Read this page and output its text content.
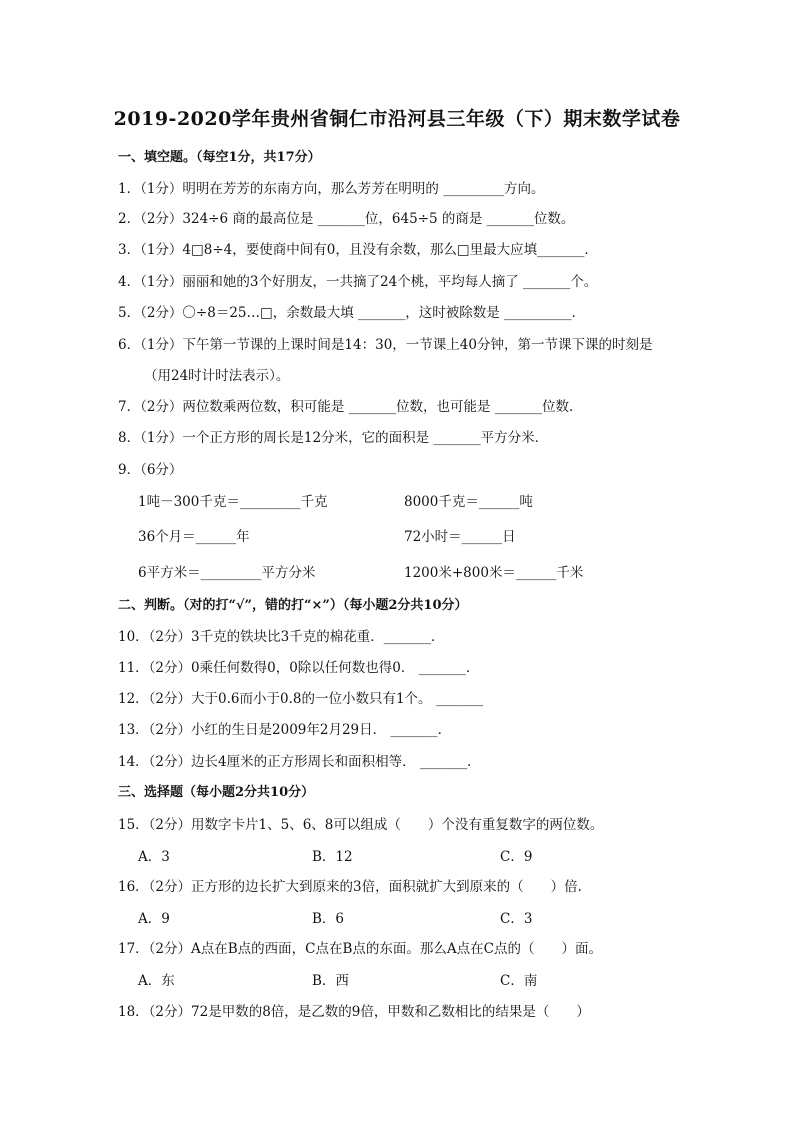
2019-2020学年贵州省铜仁市沿河县三年级（下）期末数学试卷
一、填空题。（每空1分，共17分）
1．（1分）明明在芳芳的东南方向，那么芳芳在明明的 _________方向。
2．（2分）324÷6 商的最高位是 _______位，645÷5 的商是 _______位数。
3．（1分）4□8÷4，要使商中间有0，且没有余数，那么□里最大应填_______．
4．（1分）丽丽和她的3个好朋友，一共摘了24个桃，平均每人摘了 _______个。
5．（2分）〇÷8＝25…□，余数最大填 _______，这时被除数是 __________．
6．（1分）下午第一节课的上课时间是14：30，一节课上40分钟，第一节课下课的时刻是
（用24时计时法表示）。
7．（2分）两位数乘两位数，积可能是 _______位数，也可能是 _______位数．
8．（1分）一个正方形的周长是12分米，它的面积是 _______平方分米．
9．（6分）
1吨－300千克＝_________千克	8000千克＝______吨
36个月＝______年	72小时＝______日
6平方米＝_________平方分米	1200米+800米＝______千米
二、判断。（对的打“√”，错的打“×”）（每小题2分共10分）
10．（2分）3千克的铁块比3千克的棉花重．_______．
11．（2分）0乘任何数得0，0除以任何数也得0． _______．
12．（2分）大于0.6而小于0.8的一位小数只有1个。 _______
13．（2分）小红的生日是2009年2月29日． _______．
14．（2分）边长4厘米的正方形周长和面积相等． _______．
三、选择题（每小题2分共10分）
15．（2分）用数字卡片1、5、6、8可以组成（　　）个没有重复数字的两位数。
A．3	B．12	C．9
16．（2分）正方形的边长扩大到原来的3倍，面积就扩大到原来的（　　）倍．
A．9	B．6	C．3
17．（2分）A点在B点的西面，C点在B点的东面。那么A点在C点的（　　）面。
A．东	B．西	C．南
18．（2分）72是甲数的8倍，是乙数的9倍，甲数和乙数相比的结果是（　　）
